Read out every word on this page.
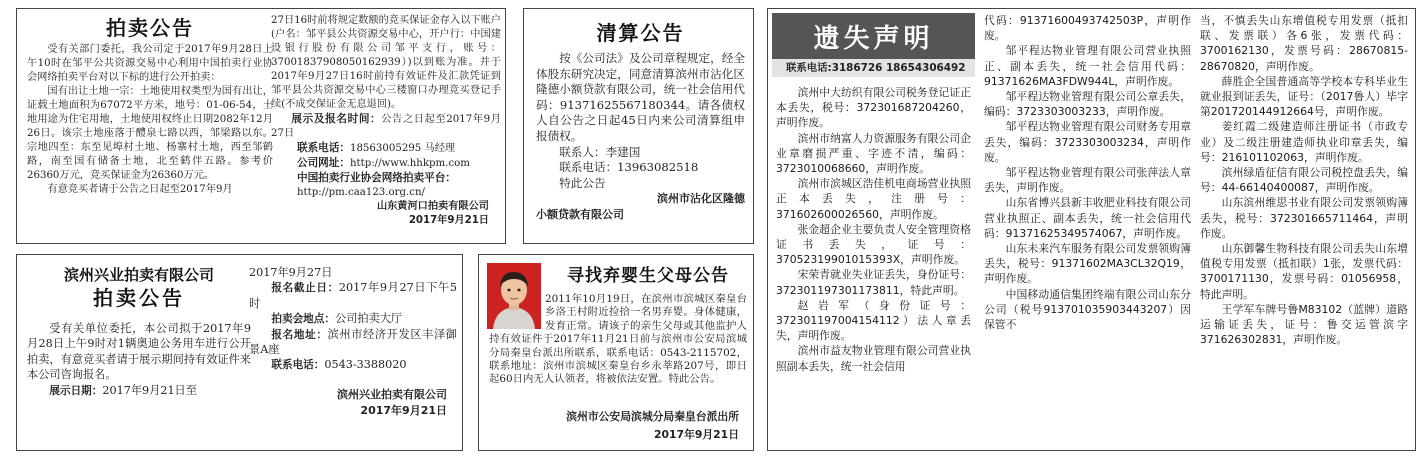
拍卖公告

受有关部门委托，我公司定于2017年9月28日上午10时在邹平公共资源交易中心利用中国拍卖行业协会网络拍卖平台对以下标的进行公开拍卖：

国有出让土地一宗：土地使用权类型为国有出让，证载土地面积为67072平方米，地号：01-06-54，土地用途为住宅用地，土地使用权终止日期2082年12月26日。该宗土地座落于醴泉七路以西，邹梁路以东。宗地四至：东至见埠村土地、杨寨村土地，西至邹鹤路，南至国有储备土地，北至鹤伴五路。参考价26360万元，竞买保证金为26360万元。

有意竞买者请于公告之日起至2017年9月

27日16时前将规定数额的竞买保证金存入以下账户(户名：邹平县公共资源交易中心，开户行：中国建设银行股份有限公司邹平支行，账号：37001837908050162939）)以到账为准。并于2017年9月27日16时前持有效证件及汇款凭证到邹平县公共资源交易中心三楼窗口办理竞买登记手续(不成交保证金无息退回)。

展示及报名时间：公告之日起至2017年9月27日

联系电话：18563005295 马经理

公司网址：http://www.hhkpm.com

中国拍卖行业协会网络拍卖平台：

http://pm.caa123.org.cn/

山东黄河口拍卖有限公司

2017年9月21日

清算公告

按《公司法》及公司章程规定，经全体股东研究决定，同意清算滨州市沾化区隆德小额贷款有限公司，统一社会信用代码：91371625567180344。请各债权人自公告之日起45日内来公司清算组申报债权。

联系人：李建国

联系电话：13963082518

特此公告

滨州市沾化区隆德

小额贷款有限公司

滨州兴业拍卖有限公司
拍卖公告

受有关单位委托，本公司拟于2017年9月28日上午9时对1辆奥迪公务用车进行公开拍卖，有意竞买者请于展示期间持有效证件来本公司咨询报名。

展示日期：2017年9月21日至

2017年9月27日

报名截止日：2017年9月27日下午5时

拍卖会地点：公司拍卖大厅

报名地址：滨州市经济开发区丰泽御景A座

联系电话：0543-3388020

滨州兴业拍卖有限公司

2017年9月21日

寻找弃婴生父母公告

2011年10月19日，在滨州市滨城区秦皇台乡洛王村附近捡拾一名男弃婴。身体健康，发育正常。请该子的亲生父母或其他监护人持有效证件于2017年11月21日前与滨州市公安局滨城分局秦皇台派出所联系，联系电话：0543-2115702，联系地址：滨州市滨城区秦皇台乡永莘路207号，即日起60日内无人认领者，将被依法安置。特此公告。

滨州市公安局滨城分局秦皇台派出所

2017年9月21日

遗失声明
联系电话:3186726 18654306492

滨州中大纺织有限公司税务登记证正本丢失，税号：372301687204260，声明作废。

滨州市纳富人力资源服务有限公司企业章磨损严重、字迹不清，编码：3723010068660，声明作废。

滨州市滨城区浩佳机电商场营业执照正本丢失，注册号：371602600026560，声明作废。

张金超企业主要负责人安全管理资格证书丢失，证号：37052319901015393X，声明作废。

宋荣青就业失业证丢失，身份证号：372301197301173811，特此声明。

赵岩军（身份证号：372301197004154112）法人章丢失，声明作废。

滨州市益友物业管理有限公司营业执照副本丢失，统一社会信用

代码：91371600493742503P，声明作废。

邹平程达物业管理有限公司营业执照正、副本丢失，统一社会信用代码：91371626MA3FDW944L，声明作废。

邹平程达物业管理有限公司公章丢失，编码：3723303003233，声明作废。

邹平程达物业管理有限公司财务专用章丢失，编码：3723303003234，声明作废。

邹平程达物业管理有限公司张萍法人章丢失，声明作废。

山东省博兴县新丰收肥业科技有限公司营业执照正、副本丢失，统一社会信用代码：91371625349574067，声明作废。

山东未来汽车服务有限公司发票领购簿丢失，税号：91371602MA3CL32Q19，声明作废。

中国移动通信集团终端有限公司山东分公司（税号913701035903443207）因保管不

当，不慎丢失山东增值税专用发票（抵扣联、发票联）各6张，发票代码：3700162130，发票号码：28670815-28670820，声明作废。

薛胜企全国普通高等学校本专科毕业生就业报到证丢失，证号：（2017鲁人）毕字第201720144912664号，声明作废。

姜红霞二级建造师注册证书（市政专业）及二级注册建造师执业印章丢失，编号：216101102063，声明作废。

滨州绿盾征信有限公司税控盘丢失，编号：44-66140400087，声明作废。

山东滨州维思书业有限公司发票领购簿丢失，税号：372301665711464，声明作废。

山东御馨生物科技有限公司丢失山东增值税专用发票（抵扣联）1张，发票代码：3700171130，发票号码：01056958，特此声明。

王学军车牌号鲁M83102（蓝牌）道路运输证丢失，证号：鲁交运管滨字371626302831，声明作废。
